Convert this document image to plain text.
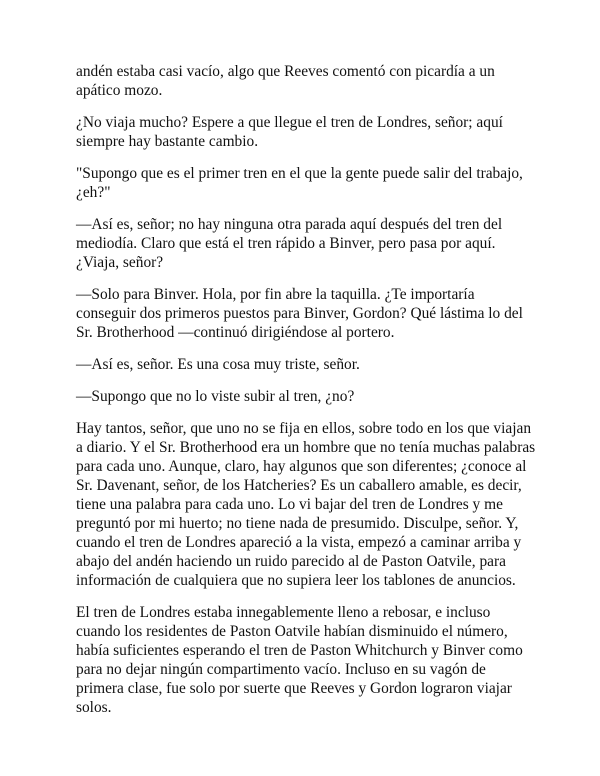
andén estaba casi vacío, algo que Reeves comentó con picardía a un apático mozo.

¿No viaja mucho? Espere a que llegue el tren de Londres, señor; aquí siempre hay bastante cambio.

"Supongo que es el primer tren en el que la gente puede salir del trabajo, ¿eh?"

—Así es, señor; no hay ninguna otra parada aquí después del tren del mediodía. Claro que está el tren rápido a Binver, pero pasa por aquí. ¿Viaja, señor?

—Solo para Binver. Hola, por fin abre la taquilla. ¿Te importaría conseguir dos primeros puestos para Binver, Gordon? Qué lástima lo del Sr. Brotherhood —continuó dirigiéndose al portero.

—Así es, señor. Es una cosa muy triste, señor.

—Supongo que no lo viste subir al tren, ¿no?

Hay tantos, señor, que uno no se fija en ellos, sobre todo en los que viajan a diario. Y el Sr. Brotherhood era un hombre que no tenía muchas palabras para cada uno. Aunque, claro, hay algunos que son diferentes; ¿conoce al Sr. Davenant, señor, de los Hatcheries? Es un caballero amable, es decir, tiene una palabra para cada uno. Lo vi bajar del tren de Londres y me preguntó por mi huerto; no tiene nada de presumido. Disculpe, señor. Y, cuando el tren de Londres apareció a la vista, empezó a caminar arriba y abajo del andén haciendo un ruido parecido al de Paston Oatvile, para información de cualquiera que no supiera leer los tablones de anuncios.

El tren de Londres estaba innegablemente lleno a rebosar, e incluso cuando los residentes de Paston Oatvile habían disminuido el número, había suficientes esperando el tren de Paston Whitchurch y Binver como para no dejar ningún compartimento vacío. Incluso en su vagón de primera clase, fue solo por suerte que Reeves y Gordon lograron viajar solos.
